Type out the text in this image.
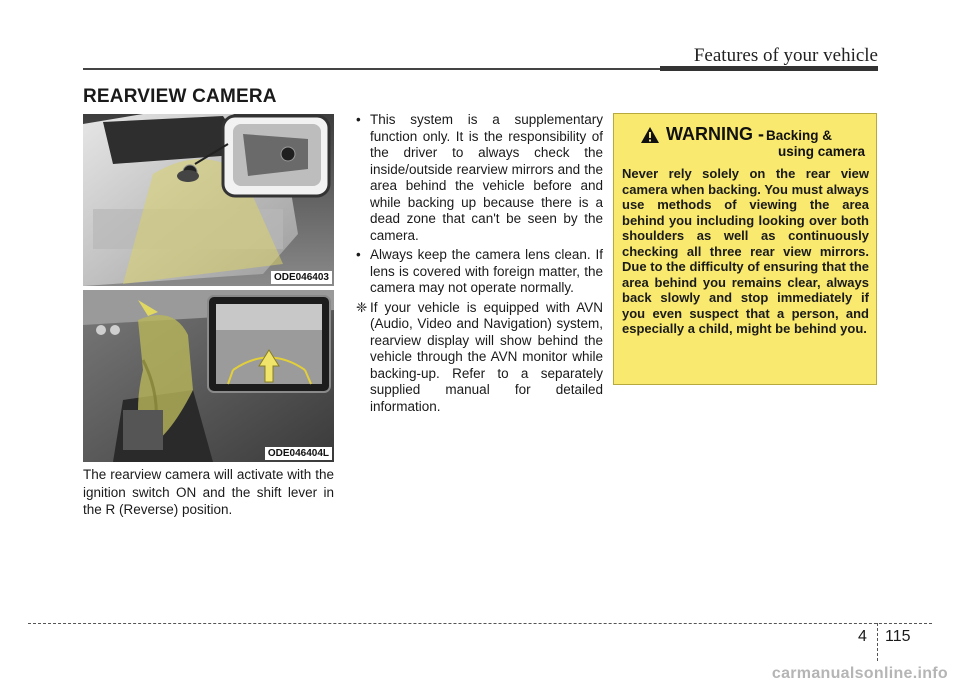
Features of your vehicle
REARVIEW CAMERA
ODE046403
ODE046404L
The rearview camera will activate with the ignition switch ON and the shift lever in the R (Reverse) position.
• This system is a supplementary function only. It is the responsibility of the driver to always check the inside/outside rearview mirrors and the area behind the vehicle before and while backing up because there is a dead zone that can't be seen by the camera.
• Always keep the camera lens clean. If lens is covered with foreign matter, the camera may not operate normally.
❈ If your vehicle is equipped with AVN (Audio, Video and Navigation) system, rearview display will show behind the vehicle through the AVN monitor while backing-up. Refer to a separately supplied manual for detailed information.
WARNING - Backing &
using camera
Never rely solely on the rear view camera when backing. You must always use methods of viewing the area behind you including looking over both shoulders as well as continuously checking all three rear view mirrors. Due to the difficulty of ensuring that the area behind you remains clear, always back slowly and stop immediately if you even suspect that a person, and especially a child, might be behind you.
4 115
carmanualsonline.info
